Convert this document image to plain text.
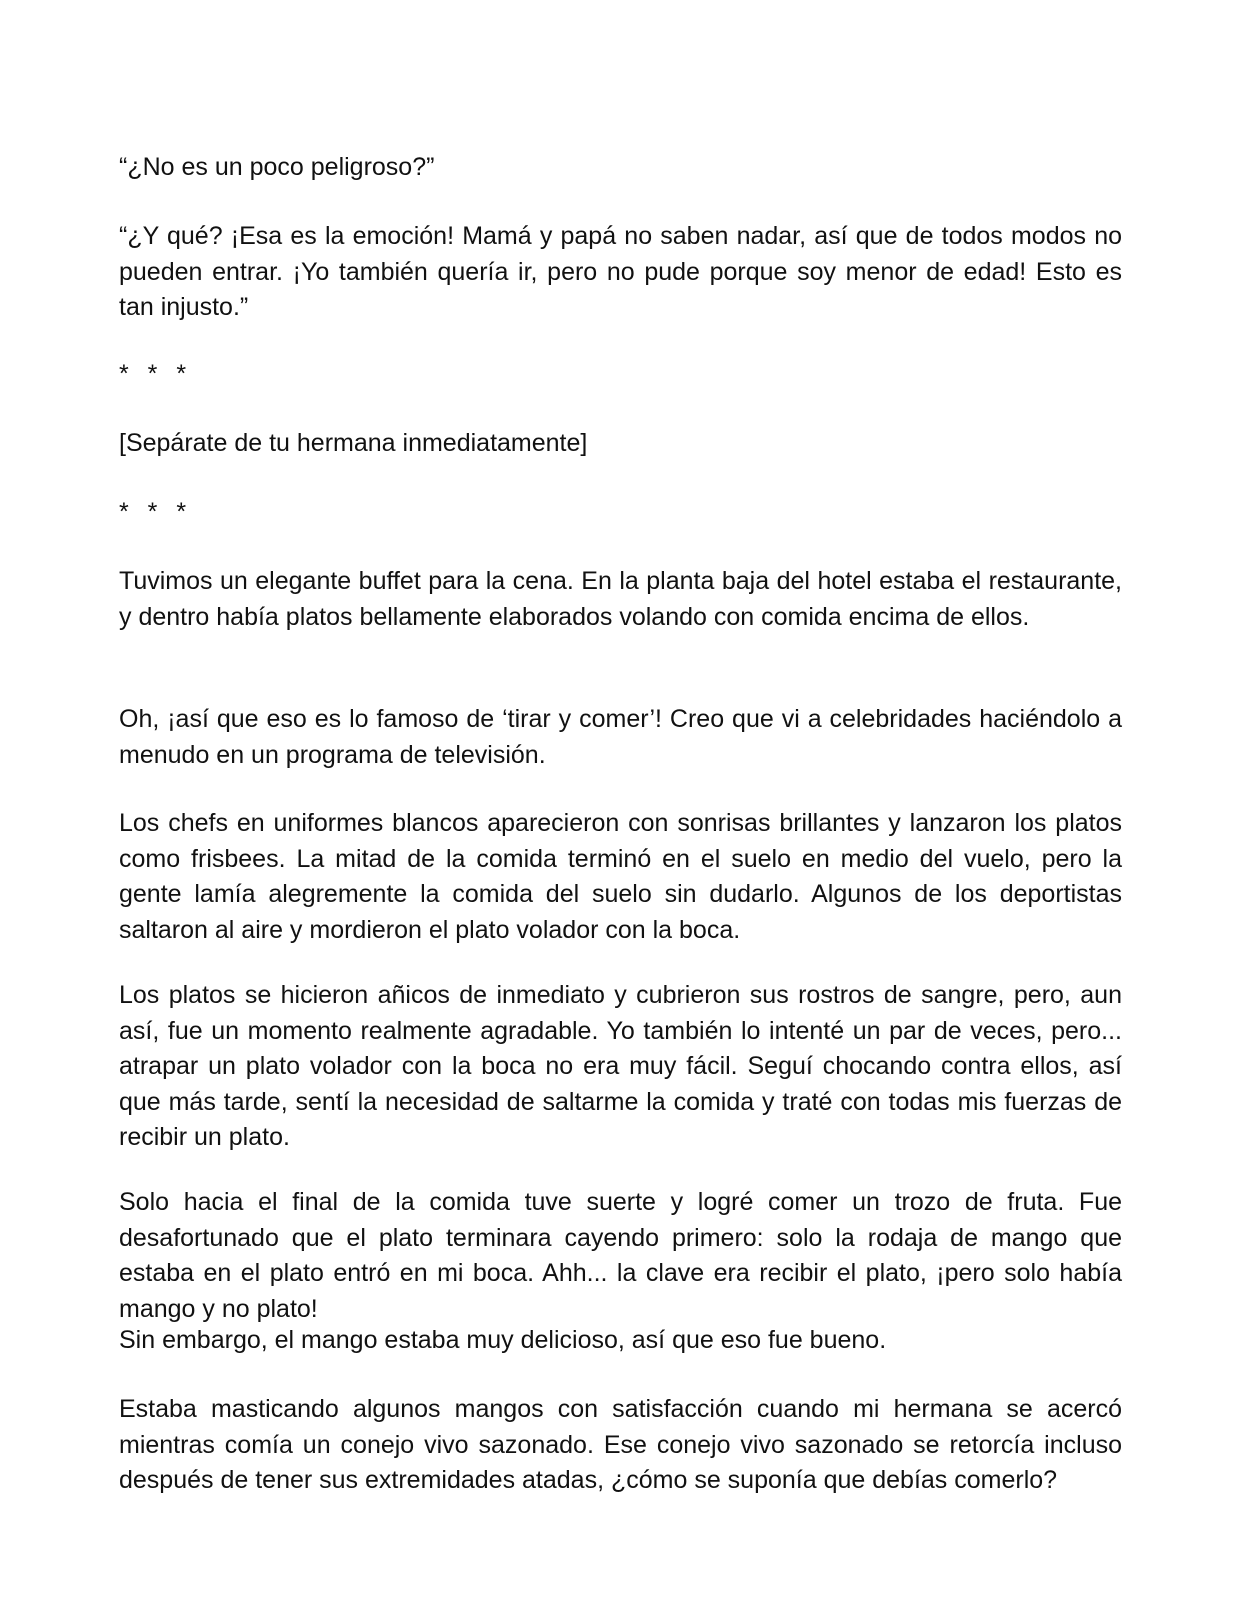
“¿No es un poco peligroso?”

“¿Y qué? ¡Esa es la emoción! Mamá y papá no saben nadar, así que de todos modos no pueden entrar. ¡Yo también quería ir, pero no pude porque soy menor de edad! Esto es tan injusto.”

* * *

[Sepárate de tu hermana inmediatamente]

* * *

Tuvimos un elegante buffet para la cena. En la planta baja del hotel estaba el restaurante, y dentro había platos bellamente elaborados volando con comida encima de ellos.

Oh, ¡así que eso es lo famoso de ‘tirar y comer’! Creo que vi a celebridades haciéndolo a menudo en un programa de televisión.

Los chefs en uniformes blancos aparecieron con sonrisas brillantes y lanzaron los platos como frisbees. La mitad de la comida terminó en el suelo en medio del vuelo, pero la gente lamía alegremente la comida del suelo sin dudarlo. Algunos de los deportistas saltaron al aire y mordieron el plato volador con la boca.

Los platos se hicieron añicos de inmediato y cubrieron sus rostros de sangre, pero, aun así, fue un momento realmente agradable. Yo también lo intenté un par de veces, pero... atrapar un plato volador con la boca no era muy fácil. Seguí chocando contra ellos, así que más tarde, sentí la necesidad de saltarme la comida y traté con todas mis fuerzas de recibir un plato.

Solo hacia el final de la comida tuve suerte y logré comer un trozo de fruta. Fue desafortunado que el plato terminara cayendo primero: solo la rodaja de mango que estaba en el plato entró en mi boca. Ahh... la clave era recibir el plato, ¡pero solo había mango y no plato!

Sin embargo, el mango estaba muy delicioso, así que eso fue bueno.

Estaba masticando algunos mangos con satisfacción cuando mi hermana se acercó mientras comía un conejo vivo sazonado. Ese conejo vivo sazonado se retorcía incluso después de tener sus extremidades atadas, ¿cómo se suponía que debías comerlo?
